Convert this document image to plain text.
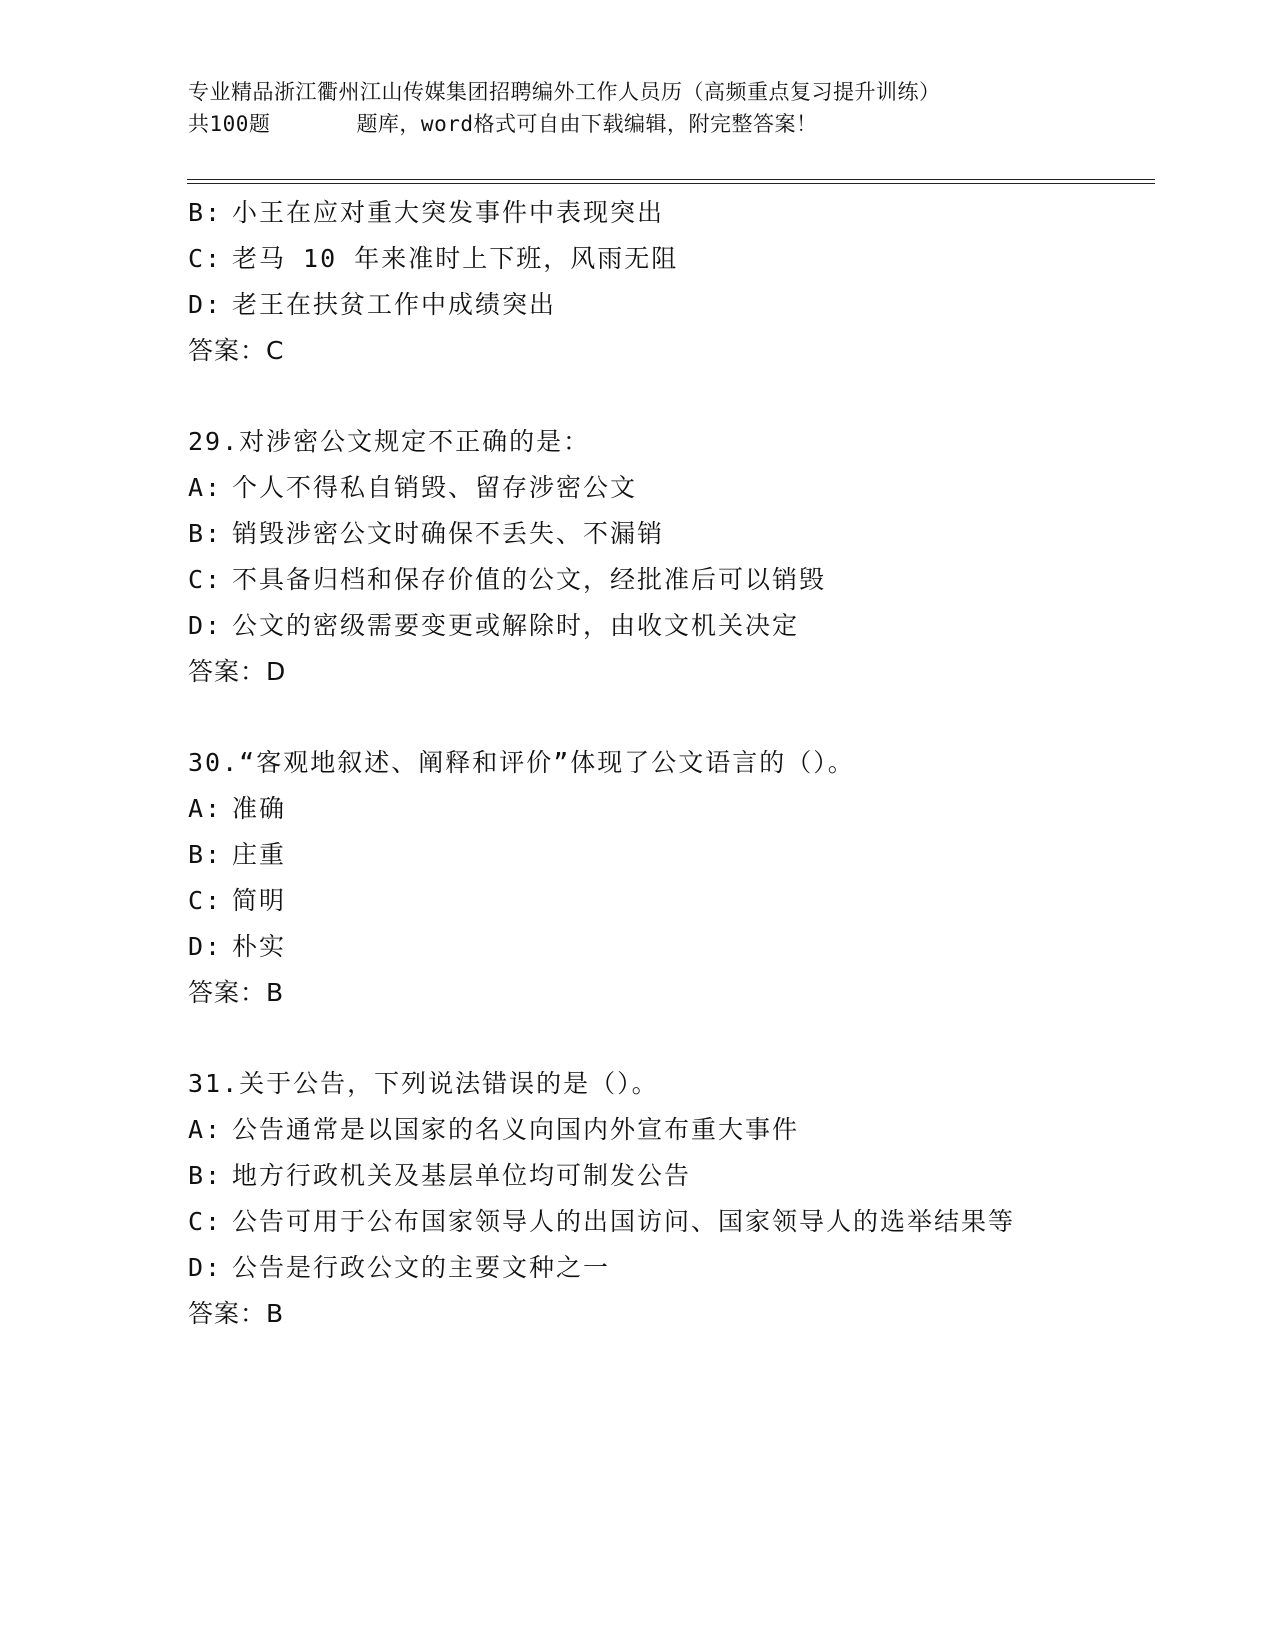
专业精品浙江衢州江山传媒集团招聘编外工作人员历（高频重点复习提升训练）
共100题	题库，word格式可自由下载编辑，附完整答案！
B: 小王在应对重大突发事件中表现突出
C: 老马 10 年来准时上下班，风雨无阻
D: 老王在扶贫工作中成绩突出
答案：C
29.对涉密公文规定不正确的是：
A: 个人不得私自销毁、留存涉密公文
B: 销毁涉密公文时确保不丢失、不漏销
C: 不具备归档和保存价值的公文，经批准后可以销毁
D: 公文的密级需要变更或解除时，由收文机关决定
答案：D
30.“客观地叙述、阐释和评价”体现了公文语言的（）。
A: 准确
B: 庄重
C: 简明
D: 朴实
答案：B
31.关于公告，下列说法错误的是（）。
A: 公告通常是以国家的名义向国内外宣布重大事件
B: 地方行政机关及基层单位均可制发公告
C: 公告可用于公布国家领导人的出国访问、国家领导人的选举结果等
D: 公告是行政公文的主要文种之一
答案：B
